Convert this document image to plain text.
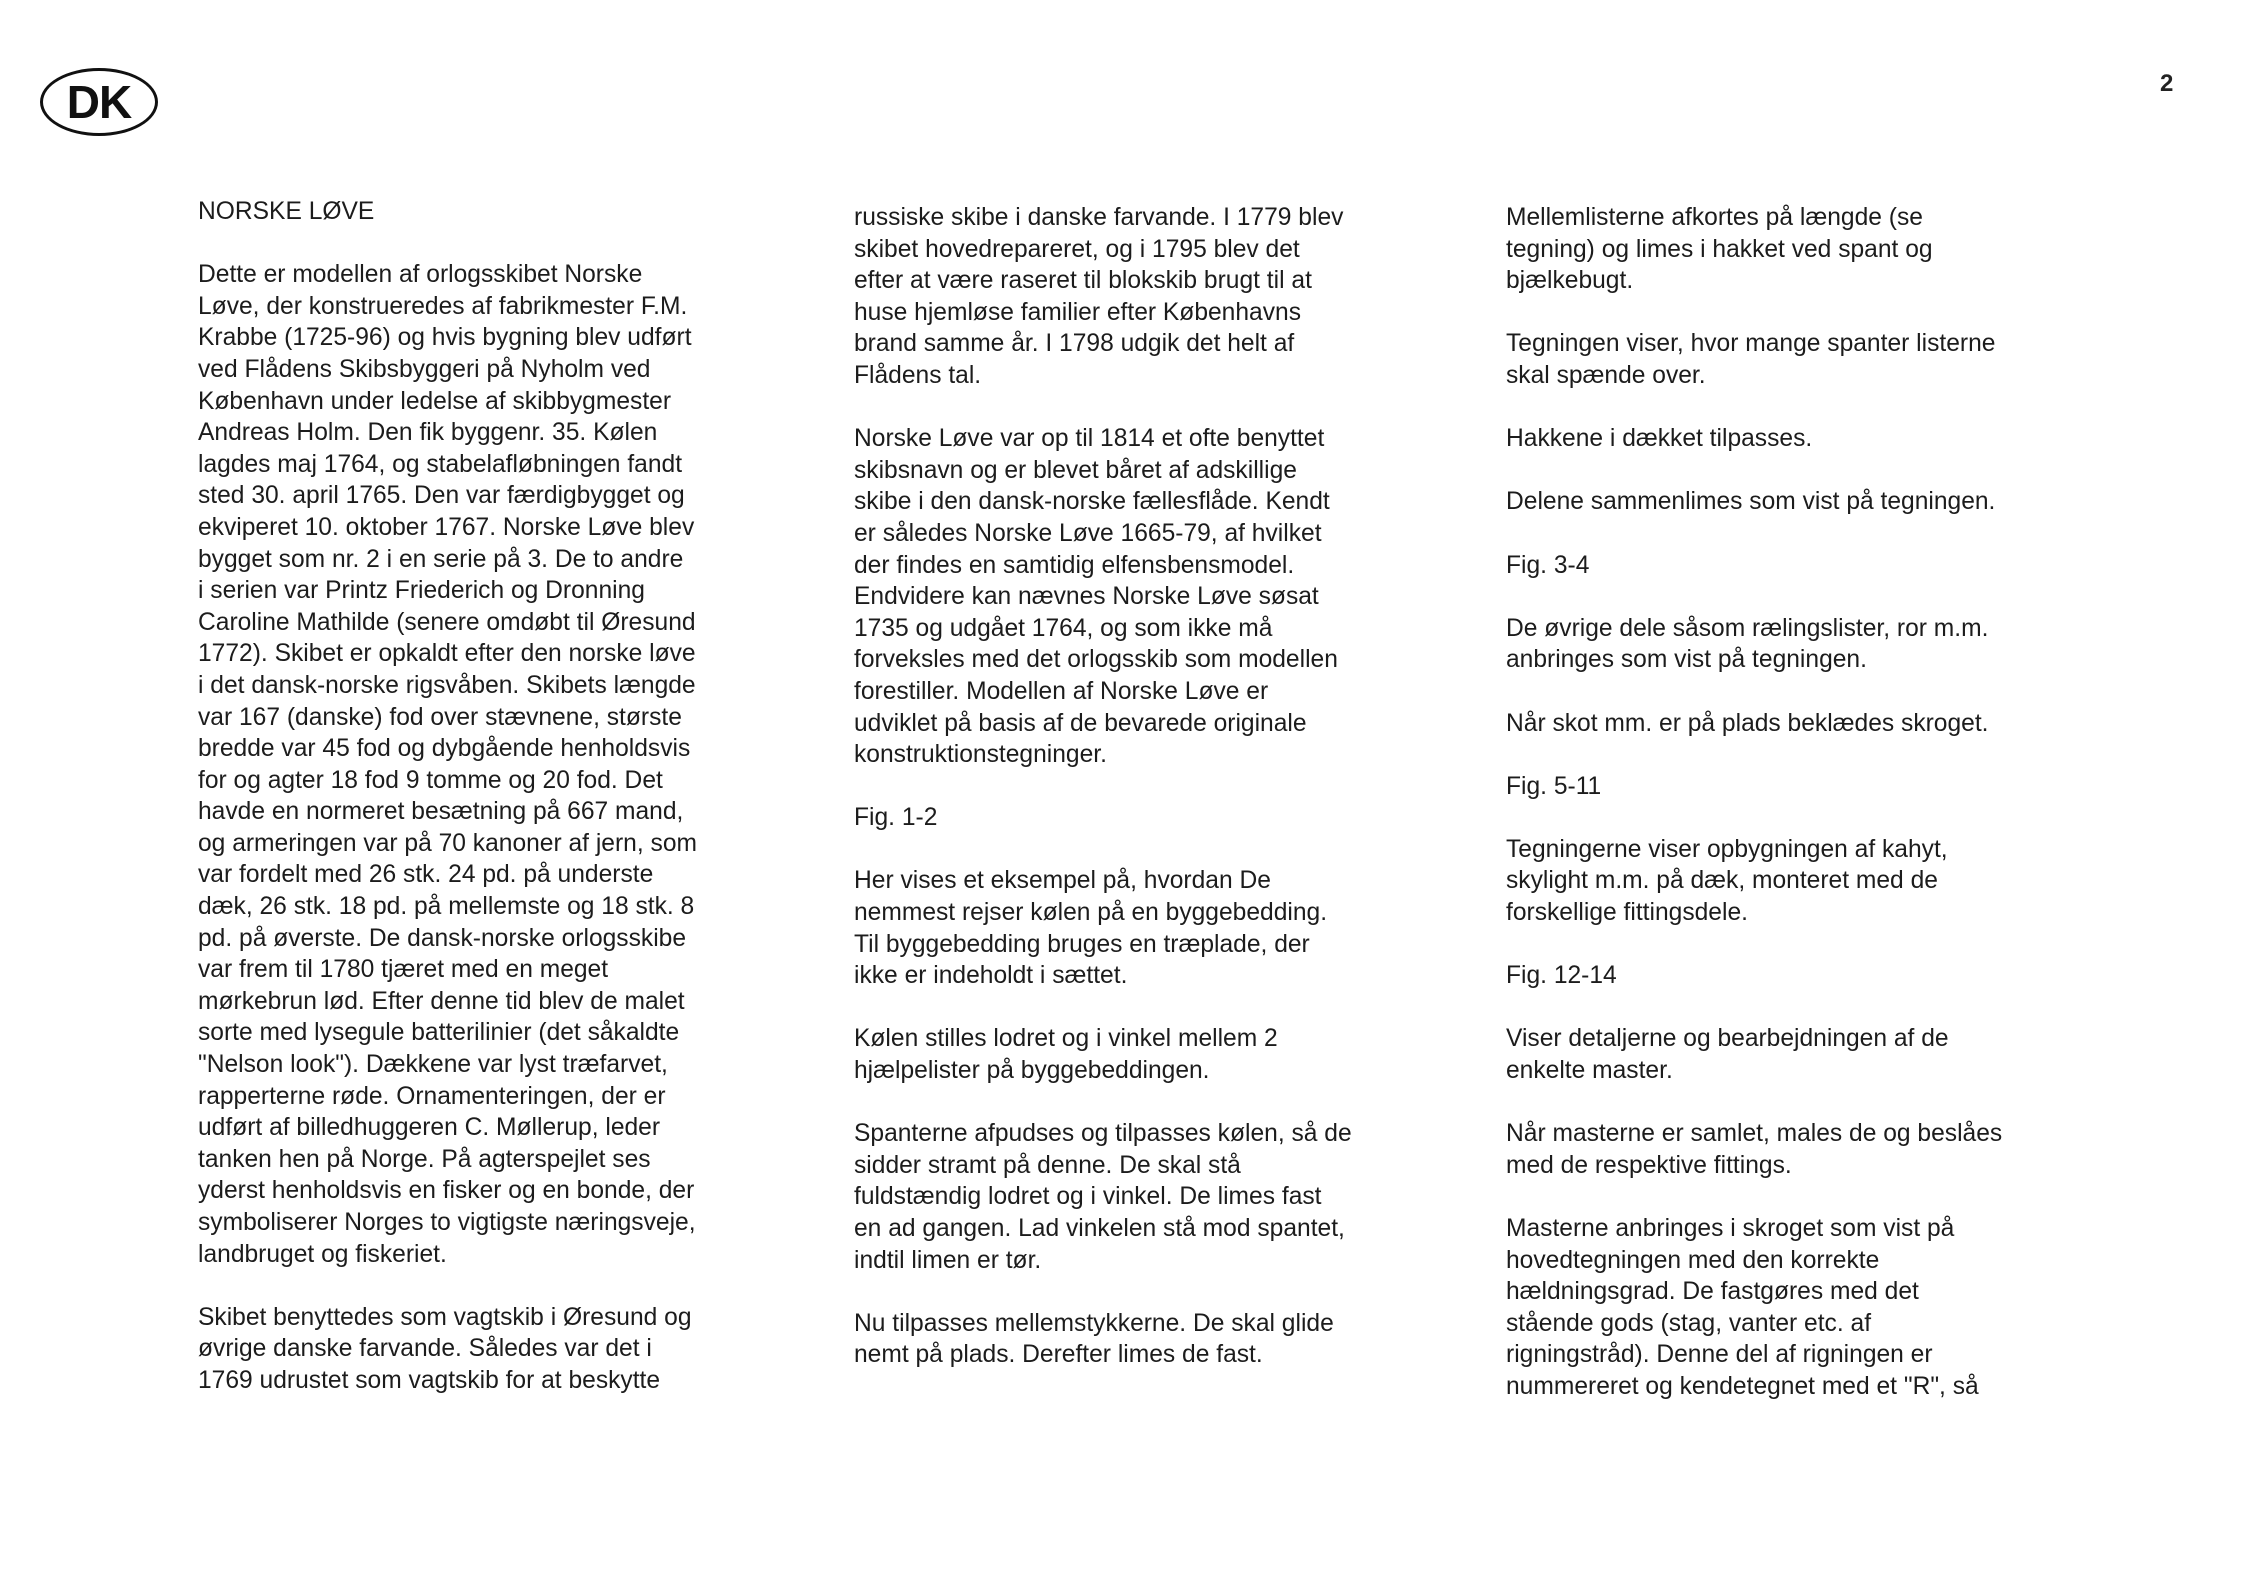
DK	2

NORSKE LØVE

Dette er modellen af orlogsskibet Norske
Løve, der konstrueredes af fabrikmester F.M.
Krabbe (1725-96) og hvis bygning blev udført
ved Flådens Skibsbyggeri på Nyholm ved
København under ledelse af skibbygmester
Andreas Holm. Den fik byggenr. 35. Kølen
lagdes maj 1764, og stabelafløbningen fandt
sted 30. april 1765. Den var færdigbygget og
ekviperet 10. oktober 1767. Norske Løve blev
bygget som nr. 2 i en serie på 3. De to andre
i serien var Printz Friederich og Dronning
Caroline Mathilde (senere omdøbt til Øresund
1772). Skibet er opkaldt efter den norske løve
i det dansk-norske rigsvåben. Skibets længde
var 167 (danske) fod over stævnene, største
bredde var 45 fod og dybgående henholdsvis
for og agter 18 fod 9 tomme og 20 fod. Det
havde en normeret besætning på 667 mand,
og armeringen var på 70 kanoner af jern, som
var fordelt med 26 stk. 24 pd. på underste
dæk, 26 stk. 18 pd. på mellemste og 18 stk. 8
pd. på øverste. De dansk-norske orlogsskibe
var frem til 1780 tjæret med en meget
mørkebrun lød. Efter denne tid blev de malet
sorte med lysegule batterilinier (det såkaldte
"Nelson look"). Dækkene var lyst træfarvet,
rapperterne røde. Ornamenteringen, der er
udført af billedhuggeren C. Møllerup, leder
tanken hen på Norge. På agterspejlet ses
yderst henholdsvis en fisker og en bonde, der
symboliserer Norges to vigtigste næringsveje,
landbruget og fiskeriet.

Skibet benyttedes som vagtskib i Øresund og
øvrige danske farvande. Således var det i
1769 udrustet som vagtskib for at beskytte

russiske skibe i danske farvande. I 1779 blev
skibet hovedrepareret, og i 1795 blev det
efter at være raseret til blokskib brugt til at
huse hjemløse familier efter Københavns
brand samme år. I 1798 udgik det helt af
Flådens tal.

Norske Løve var op til 1814 et ofte benyttet
skibsnavn og er blevet båret af adskillige
skibe i den dansk-norske fællesflåde. Kendt
er således Norske Løve 1665-79, af hvilket
der findes en samtidig elfensbensmodel.
Endvidere kan nævnes Norske Løve søsat
1735 og udgået 1764, og som ikke må
forveksles med det orlogsskib som modellen
forestiller. Modellen af Norske Løve er
udviklet på basis af de bevarede originale
konstruktionstegninger.

Fig. 1-2

Her vises et eksempel på, hvordan De
nemmest rejser kølen på en byggebedding.
Til byggebedding bruges en træplade, der
ikke er indeholdt i sættet.

Kølen stilles lodret og i vinkel mellem 2
hjælpelister på byggebeddingen.

Spanterne afpudses og tilpasses kølen, så de
sidder stramt på denne. De skal stå
fuldstændig lodret og i vinkel. De limes fast
en ad gangen. Lad vinkelen stå mod spantet,
indtil limen er tør.

Nu tilpasses mellemstykkerne. De skal glide
nemt på plads. Derefter limes de fast.

Mellemlisterne afkortes på længde (se
tegning) og limes i hakket ved spant og
bjælkebugt.

Tegningen viser, hvor mange spanter listerne
skal spænde over.

Hakkene i dækket tilpasses.

Delene sammenlimes som vist på tegningen.

Fig. 3-4

De øvrige dele såsom rælingslister, ror m.m.
anbringes som vist på tegningen.

Når skot mm. er på plads beklædes skroget.

Fig. 5-11

Tegningerne viser opbygningen af kahyt,
skylight m.m. på dæk, monteret med de
forskellige fittingsdele.

Fig. 12-14

Viser detaljerne og bearbejdningen af de
enkelte master.

Når masterne er samlet, males de og beslåes
med de respektive fittings.

Masterne anbringes i skroget som vist på
hovedtegningen med den korrekte
hældningsgrad. De fastgøres med det
stående gods (stag, vanter etc. af
rigningstråd). Denne del af rigningen er
nummereret og kendetegnet med et "R", så
